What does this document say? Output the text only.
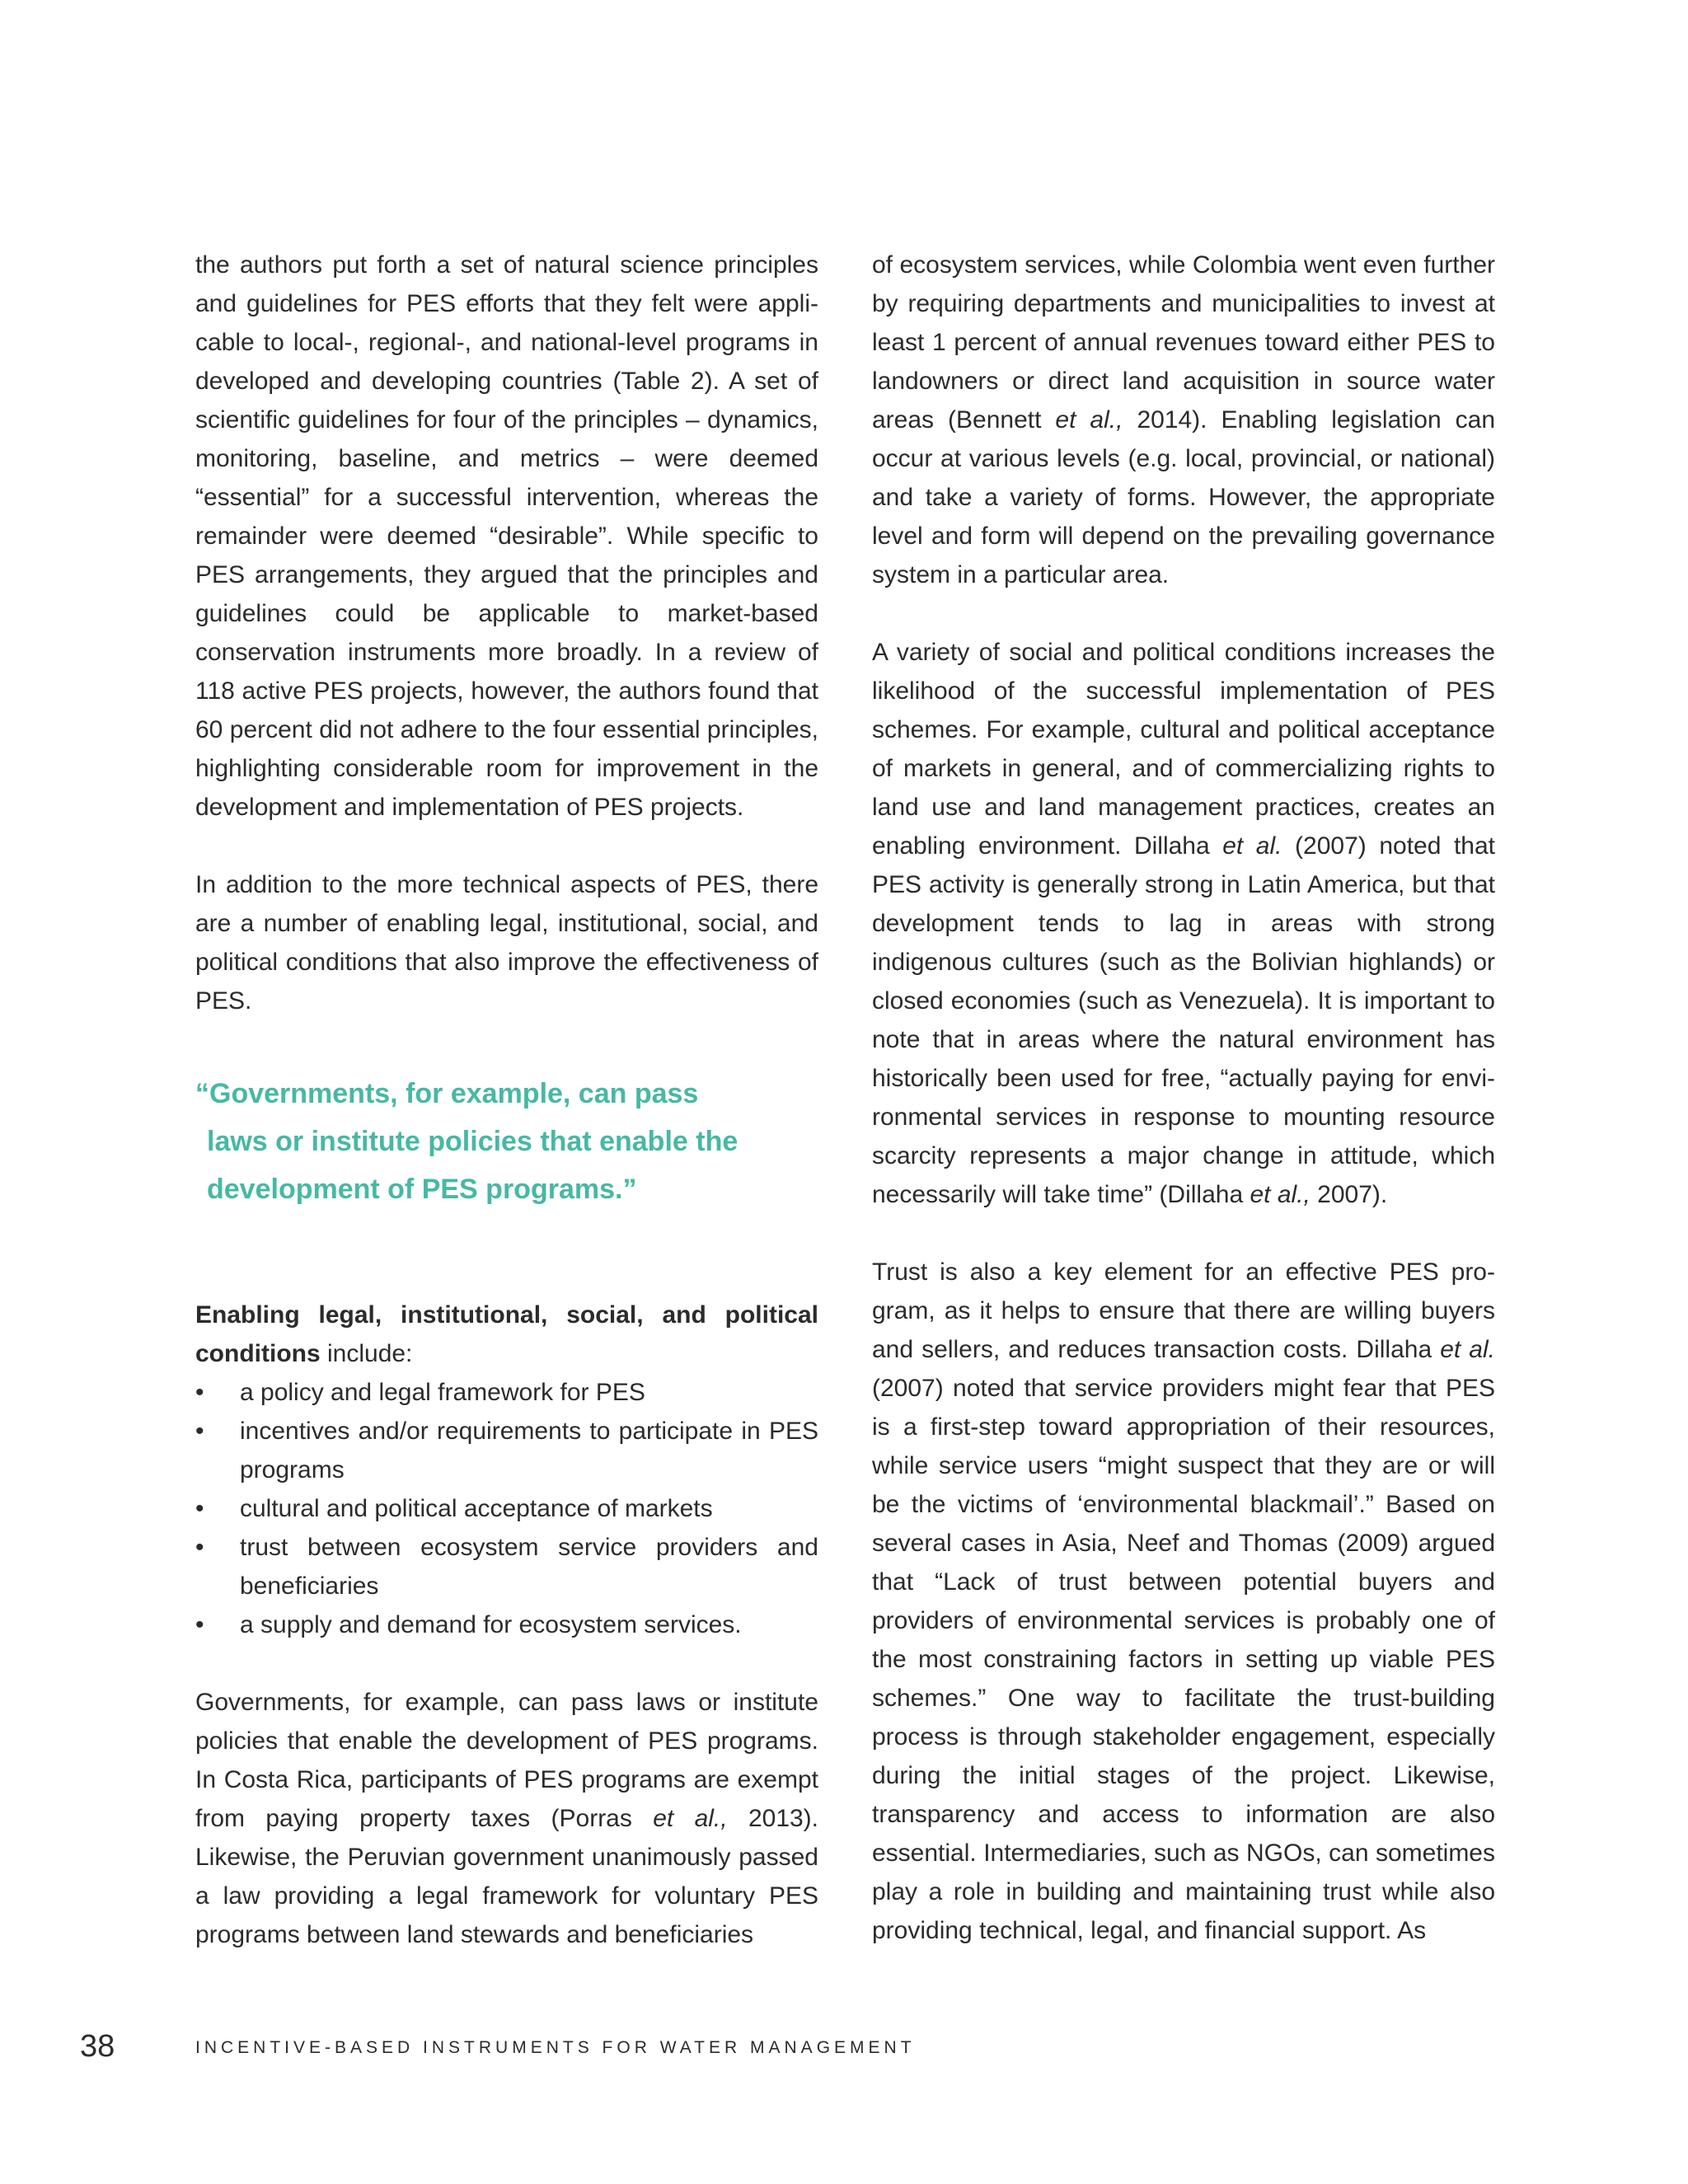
the authors put forth a set of natural science principles and guidelines for PES efforts that they felt were applicable to local-, regional-, and national-level programs in developed and developing countries (Table 2). A set of scientific guidelines for four of the principles – dynamics, monitoring, baseline, and metrics – were deemed “essential” for a successful intervention, whereas the remainder were deemed “desirable”. While specific to PES arrangements, they argued that the principles and guidelines could be applicable to market-based conservation instruments more broadly. In a review of 118 active PES projects, however, the authors found that 60 percent did not adhere to the four essential principles, highlighting considerable room for improvement in the development and implementation of PES projects.

In addition to the more technical aspects of PES, there are a number of enabling legal, institutional, social, and political conditions that also improve the effectiveness of PES.

“Governments, for example, can pass
laws or institute policies that enable the
development of PES programs.”
Enabling legal, institutional, social, and political conditions include:
• a policy and legal framework for PES
• incentives and/or requirements to participate in PES programs
• cultural and political acceptance of markets
• trust between ecosystem service providers and beneficiaries
• a supply and demand for ecosystem services.

Governments, for example, can pass laws or institute policies that enable the development of PES programs. In Costa Rica, participants of PES programs are exempt from paying property taxes (Porras et al., 2013). Likewise, the Peruvian government unanimously passed a law providing a legal framework for voluntary PES programs between land stewards and beneficiaries

of ecosystem services, while Colombia went even further by requiring departments and municipalities to invest at least 1 percent of annual revenues toward either PES to landowners or direct land acquisition in source water areas (Bennett et al., 2014). Enabling legislation can occur at various levels (e.g. local, provincial, or national) and take a variety of forms. However, the appropriate level and form will depend on the prevailing governance system in a particular area.

A variety of social and political conditions increases the likelihood of the successful implementation of PES schemes. For example, cultural and political acceptance of markets in general, and of commercializing rights to land use and land management practices, creates an enabling environment. Dillaha et al. (2007) noted that PES activity is generally strong in Latin America, but that development tends to lag in areas with strong indigenous cultures (such as the Bolivian highlands) or closed economies (such as Venezuela). It is important to note that in areas where the natural environment has historically been used for free, “actually paying for environmental services in response to mounting resource scarcity represents a major change in attitude, which necessarily will take time” (Dillaha et al., 2007).

Trust is also a key element for an effective PES program, as it helps to ensure that there are willing buyers and sellers, and reduces transaction costs. Dillaha et al. (2007) noted that service providers might fear that PES is a first-step toward appropriation of their resources, while service users “might suspect that they are or will be the victims of ‘environmental blackmail’.” Based on several cases in Asia, Neef and Thomas (2009) argued that “Lack of trust between potential buyers and providers of environmental services is probably one of the most constraining factors in setting up viable PES schemes.” One way to facilitate the trust-building process is through stakeholder engagement, especially during the initial stages of the project. Likewise, transparency and access to information are also essential. Intermediaries, such as NGOs, can sometimes play a role in building and maintaining trust while also providing technical, legal, and financial support. As

38	INCENTIVE-BASED INSTRUMENTS FOR WATER MANAGEMENT
